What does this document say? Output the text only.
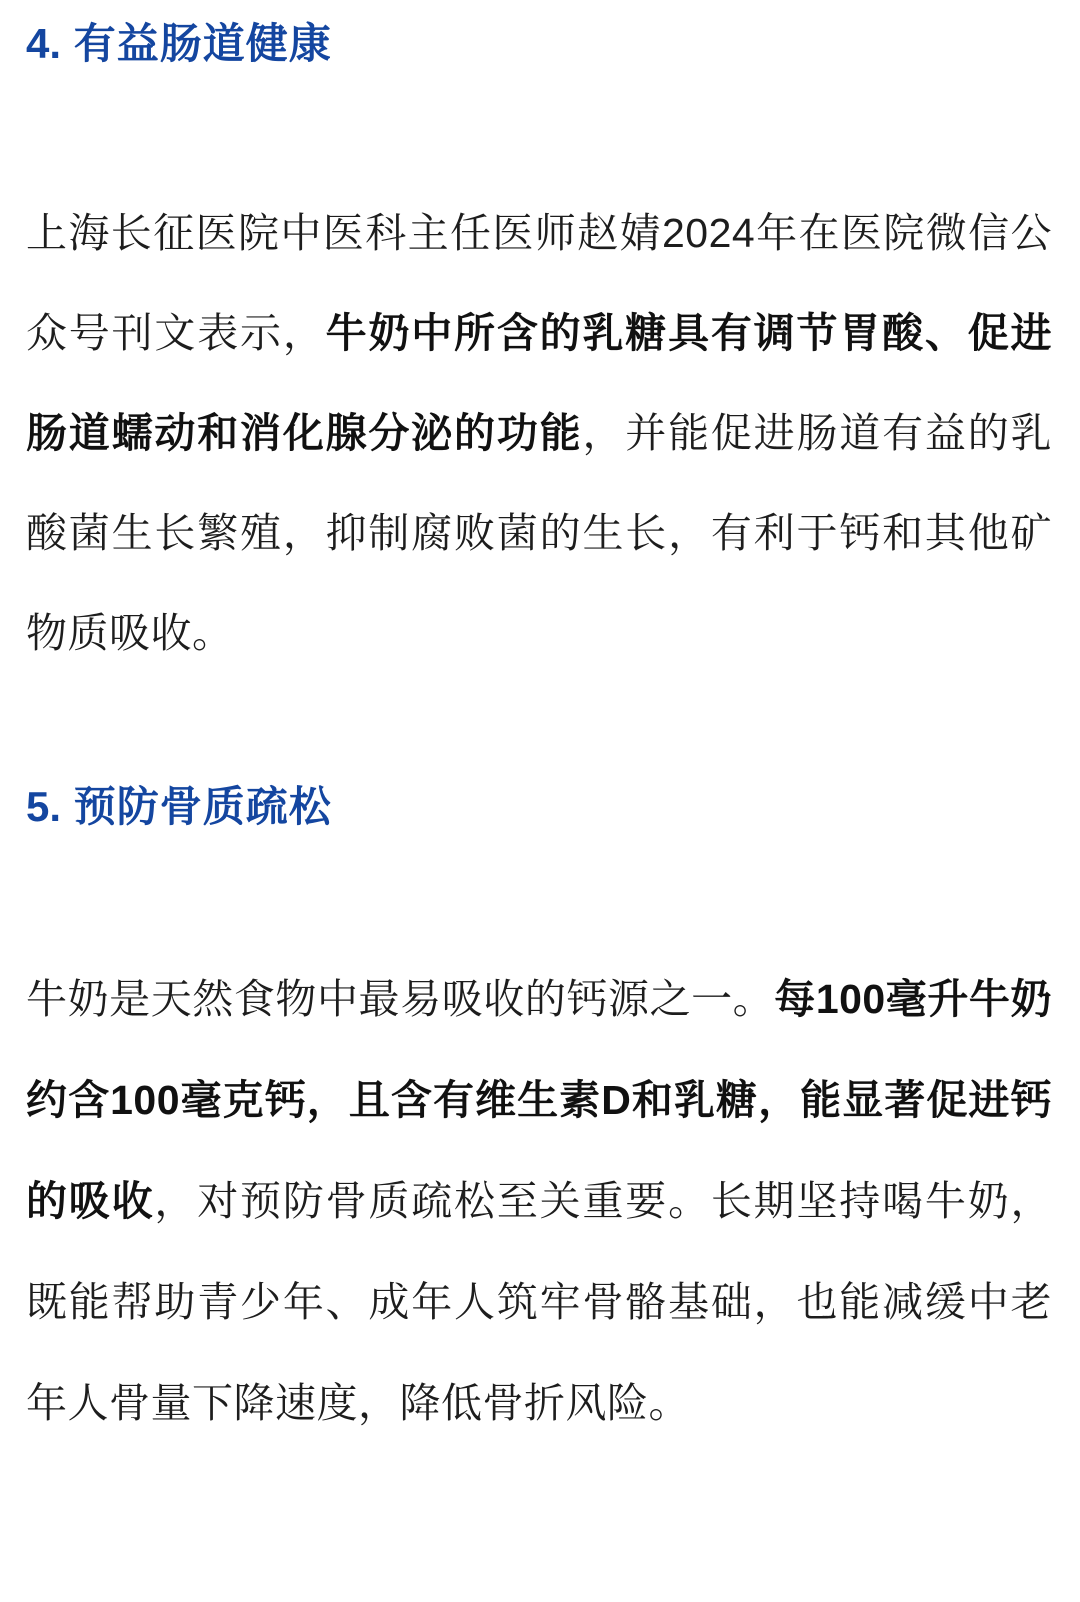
4. 有益肠道健康

上海长征医院中医科主任医师赵婧2024年在医院微信公众号刊文表示，牛奶中所含的乳糖具有调节胃酸、促进肠道蠕动和消化腺分泌的功能，并能促进肠道有益的乳酸菌生长繁殖，抑制腐败菌的生长，有利于钙和其他矿物质吸收。

5. 预防骨质疏松

牛奶是天然食物中最易吸收的钙源之一。每100毫升牛奶约含100毫克钙，且含有维生素D和乳糖，能显著促进钙的吸收，对预防骨质疏松至关重要。长期坚持喝牛奶，既能帮助青少年、成年人筑牢骨骼基础，也能减缓中老年人骨量下降速度，降低骨折风险。
